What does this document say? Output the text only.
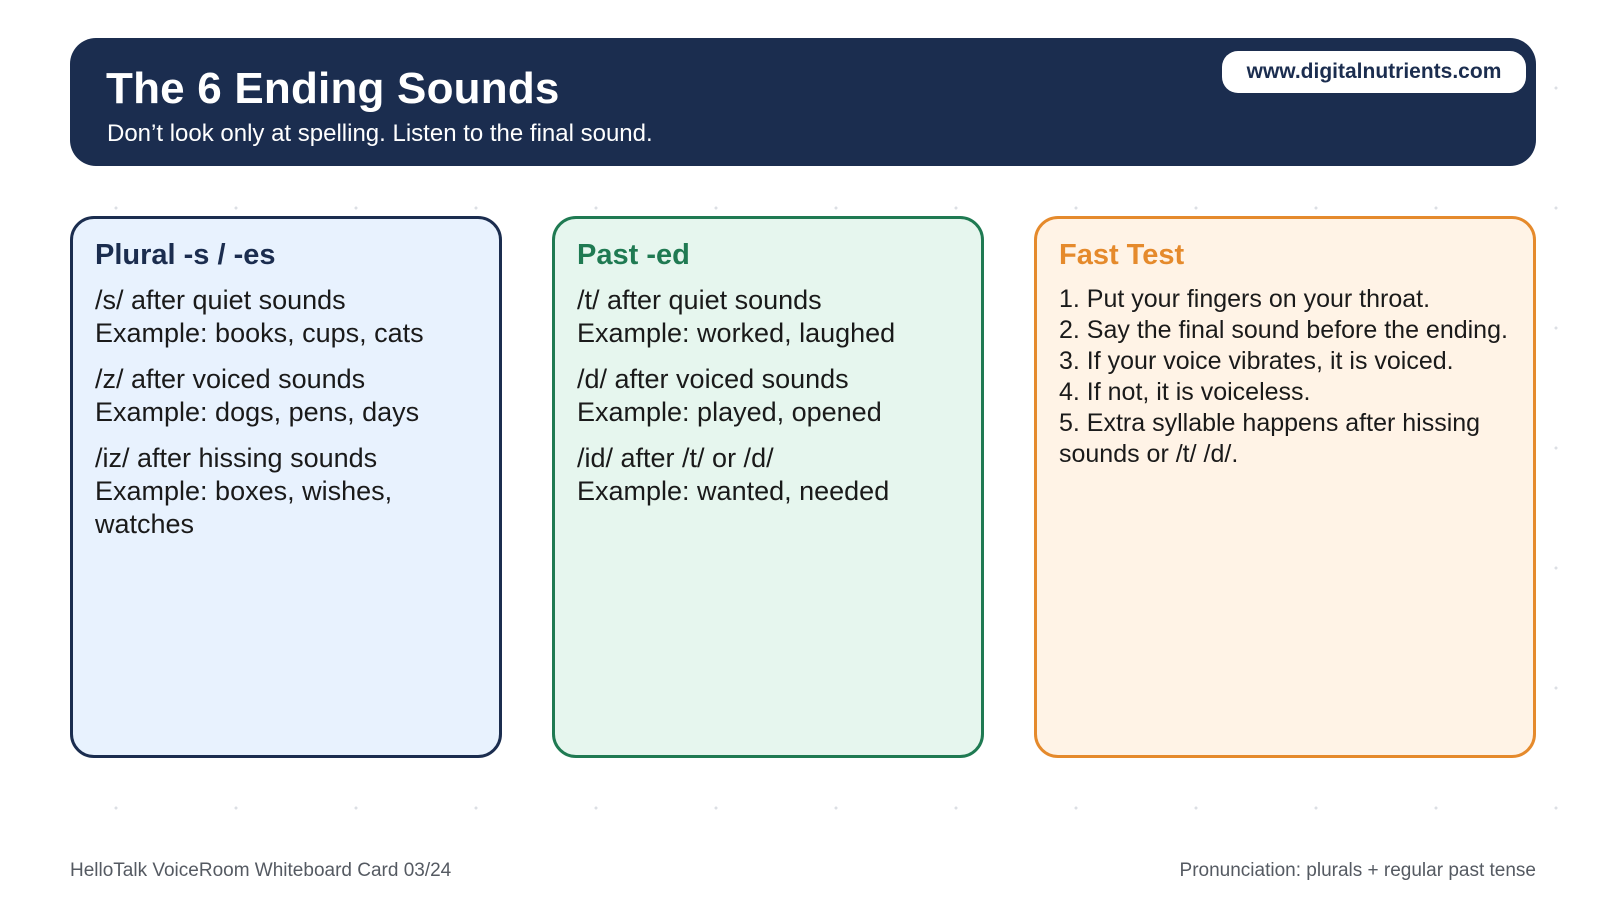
The 6 Ending Sounds
Don’t look only at spelling. Listen to the final sound.
www.digitalnutrients.com
Plural -s / -es
/s/ after quiet sounds
Example: books, cups, cats
/z/ after voiced sounds
Example: dogs, pens, days
/iz/ after hissing sounds
Example: boxes, wishes, watches
Past -ed
/t/ after quiet sounds
Example: worked, laughed
/d/ after voiced sounds
Example: played, opened
/id/ after /t/ or /d/
Example: wanted, needed
Fast Test
1. Put your fingers on your throat.
2. Say the final sound before the ending.
3. If your voice vibrates, it is voiced.
4. If not, it is voiceless.
5. Extra syllable happens after hissing sounds or /t/ /d/.
HelloTalk VoiceRoom Whiteboard Card 03/24	Pronunciation: plurals + regular past tense
